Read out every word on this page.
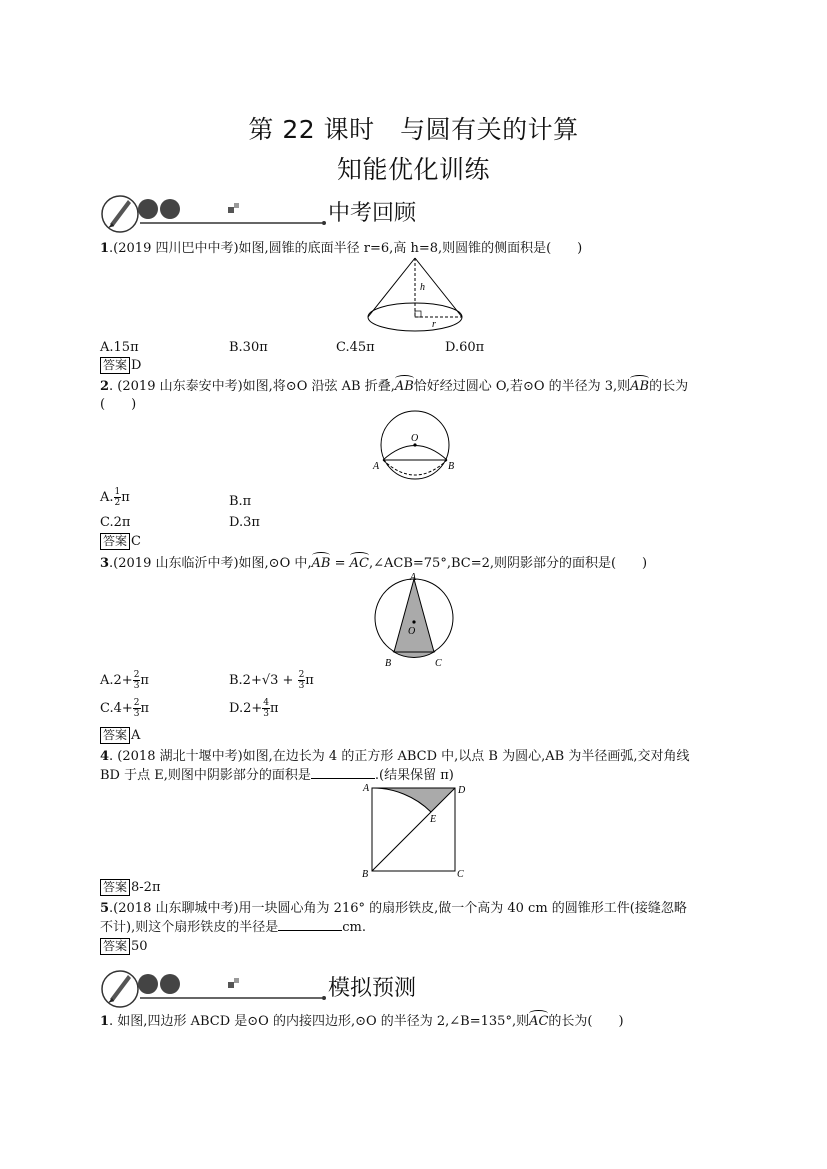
第 22 课时　与圆有关的计算
知能优化训练
中考回顾
1.(2019 四川巴中中考)如图,圆锥的底面半径 r=6,高 h=8,则圆锥的侧面积是(　　)
h
r
A.15π	B.30π	C.45π	D.60π
答案 D
2. (2019 山东泰安中考)如图,将⊙O 沿弦 AB 折叠,AB恰好经过圆心 O,若⊙O 的半径为 3,则AB的长为
(　　)
O
A	B
A. $\frac{1}{2}$ π	B.π
C.2π	D.3π
答案 C
3.(2019 山东临沂中考)如图,⊙O 中,AB = AC,∠ACB=75°,BC=2,则阴影部分的面积是(　　)
A
O
B	C
$A.2+ \frac{2}{3}$ π	$B.2+√3 + \frac{2}{3}$ π
$C.4+ \frac{2}{3}$ π	$D.2+ \frac{4}{3}$ π
答案 A
4. (2018 湖北十堰中考)如图,在边长为 4 的正方形 ABCD 中,以点 B 为圆心,AB 为半径画弧,交对角线
BD 于点 E,则图中阴影部分的面积是	.(结果保留 π)
A	D
E
B	C
答案 8-2π
5.(2018 山东聊城中考)用一块圆心角为 216° 的扇形铁皮,做一个高为 40 cm 的圆锥形工件(接缝忽略
不计),则这个扇形铁皮的半径是	cm.
答案 50
模拟预测
1. 如图,四边形 ABCD 是⊙O 的内接四边形,⊙O 的半径为 2,∠B=135°,则AC的长为(　　)
